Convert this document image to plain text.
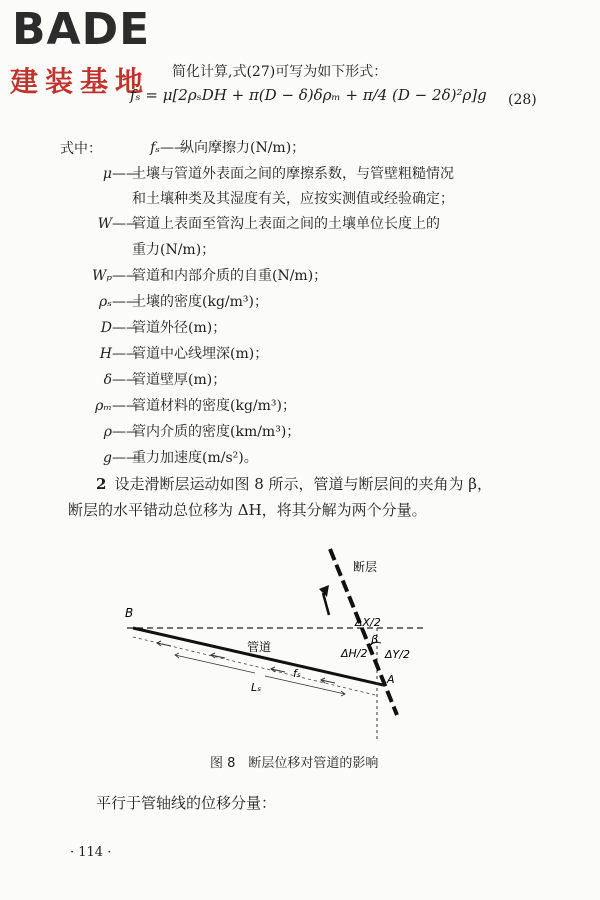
BADE
建装基地 简化计算,式(27)可写为如下形式：
fₛ = μ[2ρₛDH + π(D − δ)δρₘ + π/4 (D − 2δ)²ρ]g (28)
式中：	fₛ——纵向摩擦力(N/m)；
μ——土壤与管道外表面之间的摩擦系数，与管壁粗糙情况
和土壤种类及其湿度有关，应按实测值或经验确定；
W——管道上表面至管沟上表面之间的土壤单位长度上的
重力(N/m)；
Wₚ——管道和内部介质的自重(N/m)；
ρₛ——土壤的密度(kg/m³)；
D——管道外径(m)；
H——管道中心线埋深(m)；
δ——管道壁厚(m)；
ρₘ——管道材料的密度(kg/m³)；
ρ——管内介质的密度(km/m³)；
g——重力加速度(m/s²)。
2 设走滑断层运动如图 8 所示，管道与断层间的夹角为 β，
断层的水平错动总位移为 ΔH，将其分解为两个分量。
B
管道
断层
ΔX/2
β
ΔH/2 ΔY/2
A
fₛ
Lₛ
图 8　断层位移对管道的影响
平行于管轴线的位移分量：
· 114 ·
